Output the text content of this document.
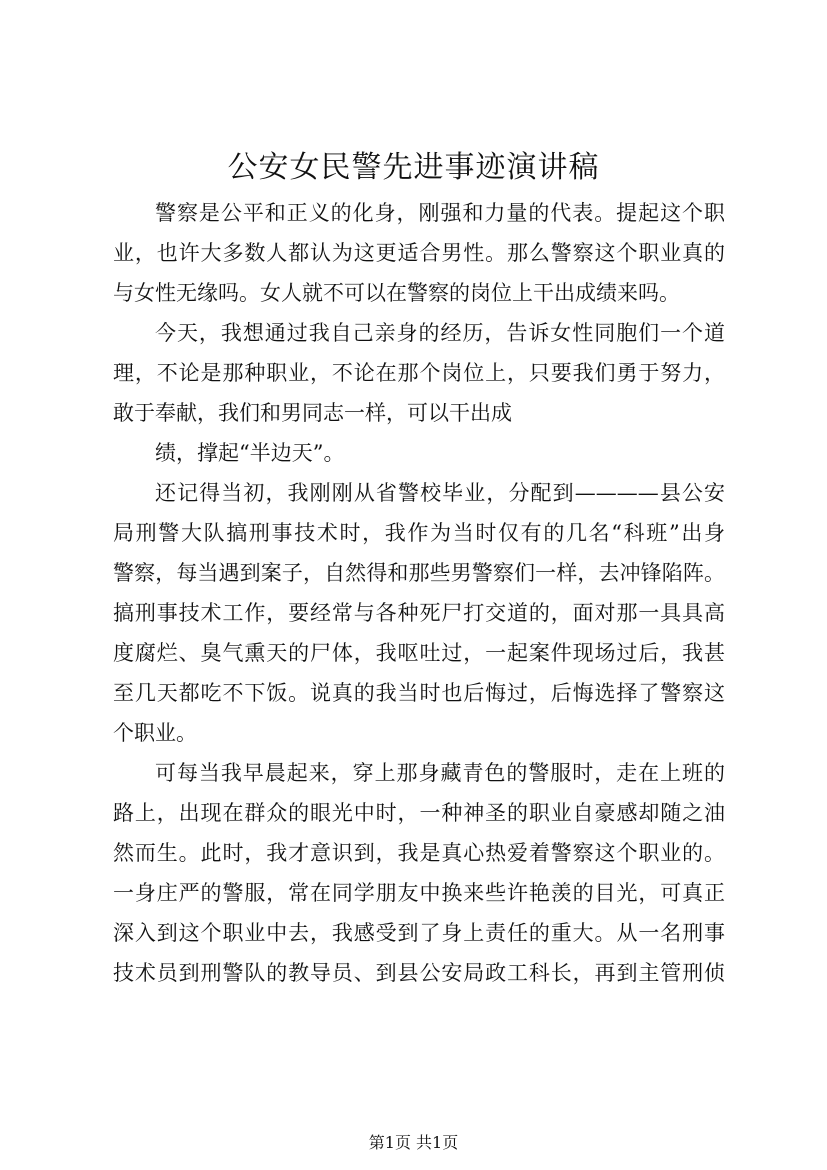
公安女民警先进事迹演讲稿
警察是公平和正义的化身，刚强和力量的代表。提起这个职
业，也许大多数人都认为这更适合男性。那么警察这个职业真的
与女性无缘吗。女人就不可以在警察的岗位上干出成绩来吗。
今天，我想通过我自己亲身的经历，告诉女性同胞们一个道
理，不论是那种职业，不论在那个岗位上，只要我们勇于努力，
敢于奉献，我们和男同志一样，可以干出成
绩，撑起“半边天”。
还记得当初，我刚刚从省警校毕业，分配到————县公安
局刑警大队搞刑事技术时，我作为当时仅有的几名“科班”出身
警察，每当遇到案子，自然得和那些男警察们一样，去冲锋陷阵。
搞刑事技术工作，要经常与各种死尸打交道的，面对那一具具高
度腐烂、臭气熏天的尸体，我呕吐过，一起案件现场过后，我甚
至几天都吃不下饭。说真的我当时也后悔过，后悔选择了警察这
个职业。
可每当我早晨起来，穿上那身藏青色的警服时，走在上班的
路上，出现在群众的眼光中时，一种神圣的职业自豪感却随之油
然而生。此时，我才意识到，我是真心热爱着警察这个职业的。
一身庄严的警服，常在同学朋友中换来些许艳羡的目光，可真正
深入到这个职业中去，我感受到了身上责任的重大。从一名刑事
技术员到刑警队的教导员、到县公安局政工科长，再到主管刑侦
第1页 共1页
